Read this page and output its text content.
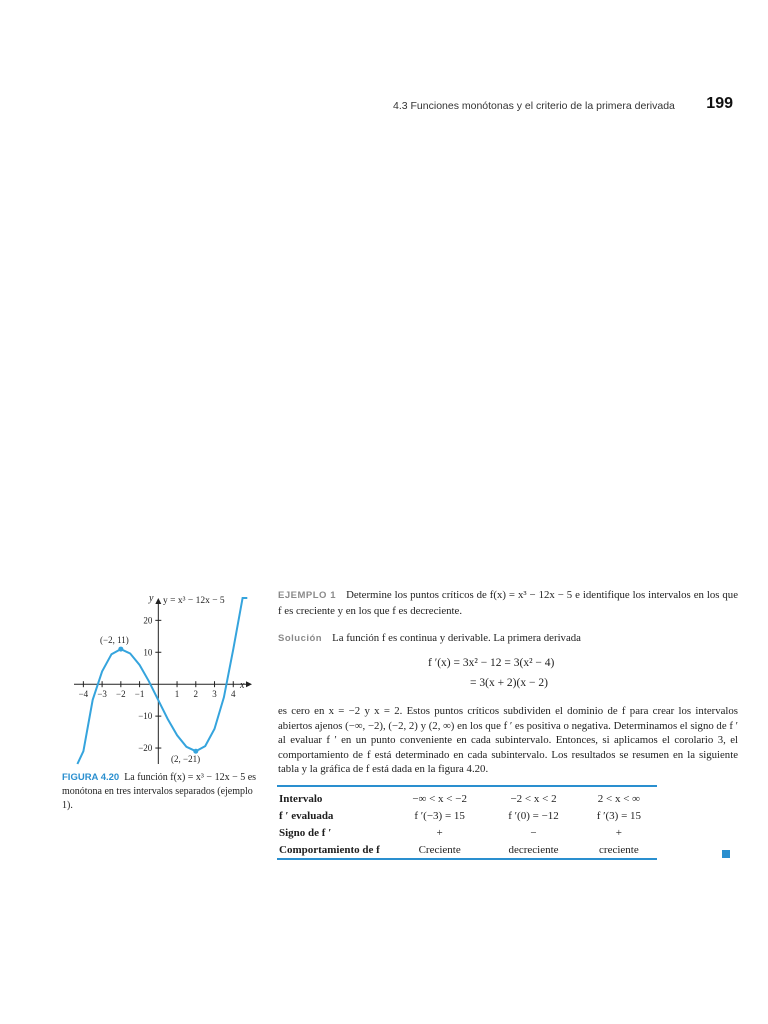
4.3 Funciones monótonas y el criterio de la primera derivada 199
−4 −3 −2 −1	1 2 3 4
20
10
−10
−20
x
y y = x³ − 12x − 5
(−2, 11)
(2, −21)
FIGURA 4.20 La función f(x) = x³ − 12x − 5 es monótona en tres intervalos separados (ejemplo 1).
EJEMPLO 1 Determine los puntos críticos de f(x) = x³ − 12x − 5 e identifique los intervalos en los que f es creciente y en los que f es decreciente.
Solución La función f es continua y derivable. La primera derivada
f ′(x) = 3x² − 12 = 3(x² − 4)
= 3(x + 2)(x − 2)
es cero en x = −2 y x = 2. Estos puntos críticos subdividen el dominio de f para crear los intervalos abiertos ajenos (−∞, −2), (−2, 2) y (2, ∞) en los que f ′ es positiva o negativa. Determinamos el signo de f ′ al evaluar f ′ en un punto conveniente en cada subintervalo. Entonces, si aplicamos el corolario 3, el comportamiento de f está determinado en cada subintervalo. Los resultados se resumen en la siguiente tabla y la gráfica de f está dada en la figura 4.20.
Intervalo	−∞ < x < −2	−2 < x < 2	2 < x < ∞
f ′ evaluada	f ′(−3) = 15	f ′(0) = −12	f ′(3) = 15
Signo de f ′	+	−	+
Comportamiento de f	Creciente	decreciente	creciente
